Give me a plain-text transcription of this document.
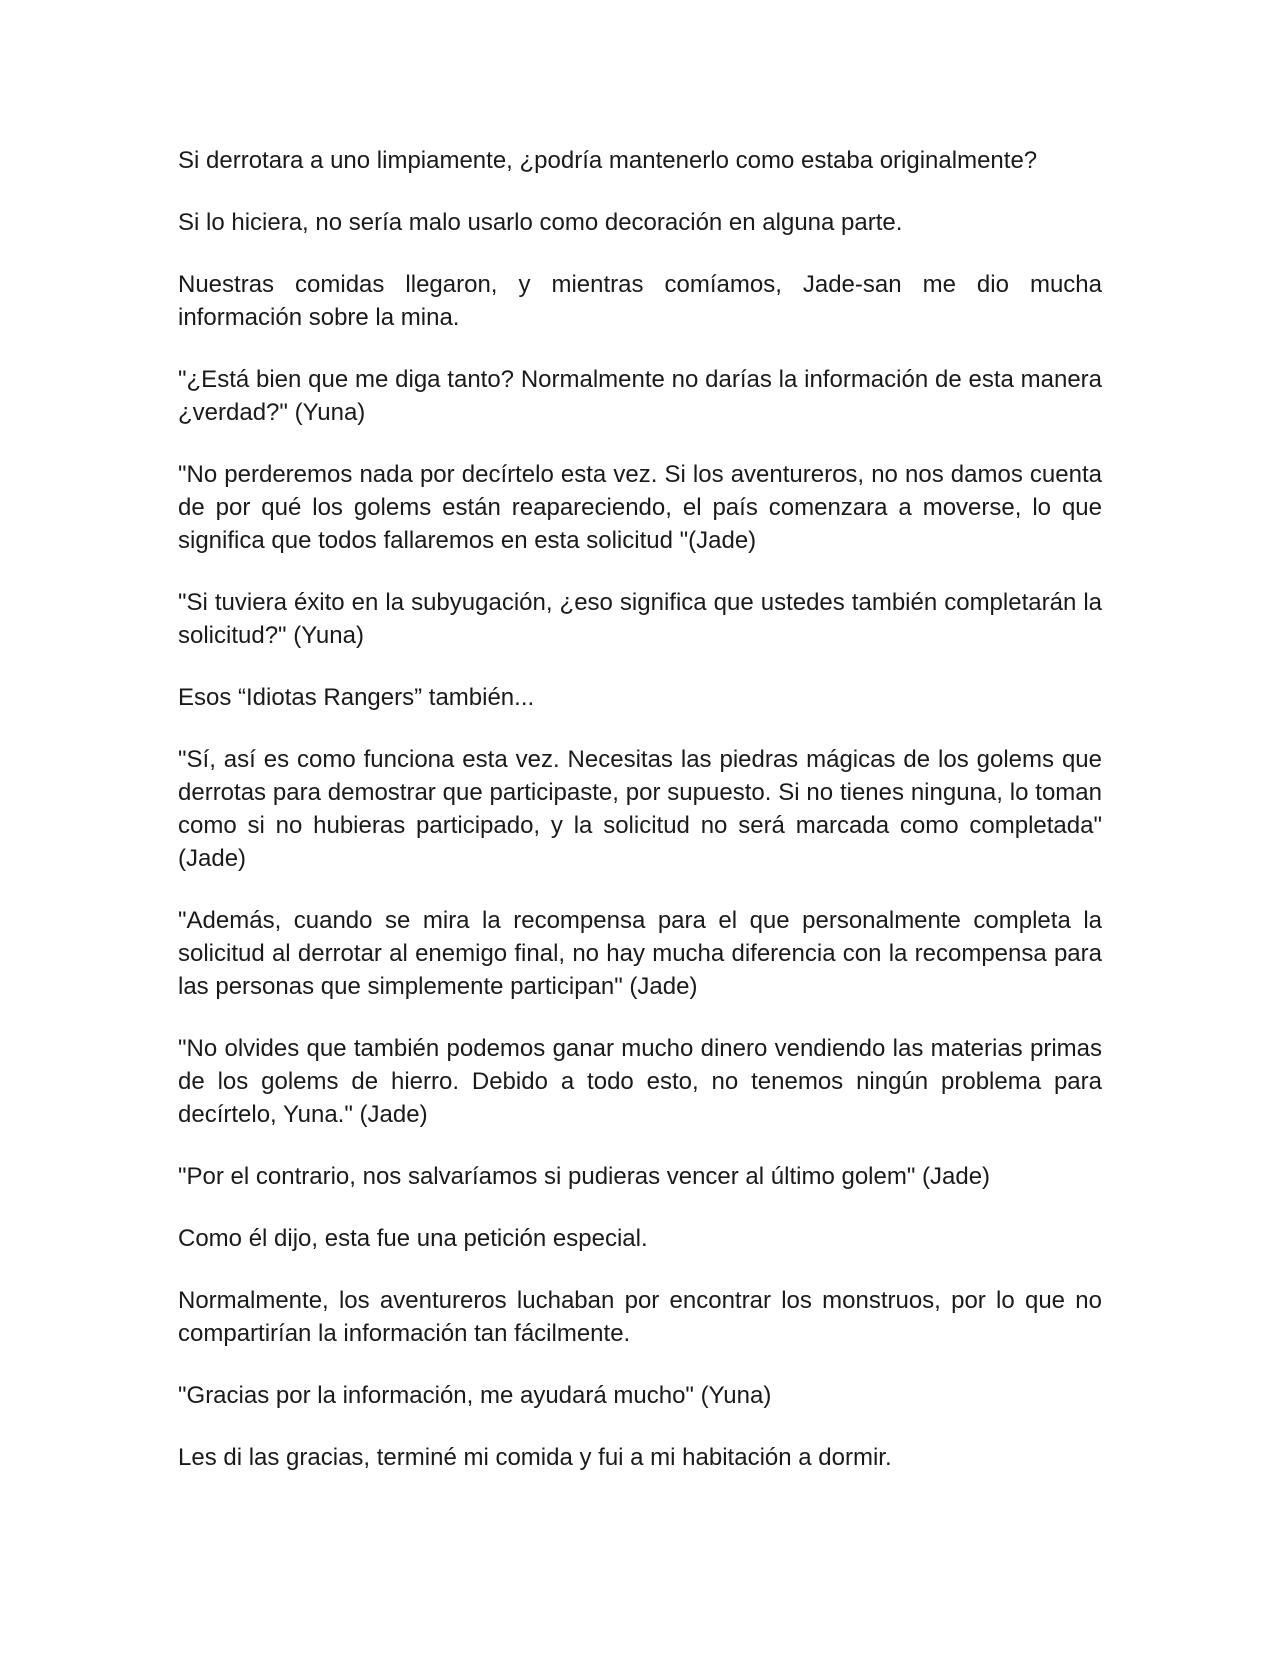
Si derrotara a uno limpiamente, ¿podría mantenerlo como estaba originalmente?

Si lo hiciera, no sería malo usarlo como decoración en alguna parte.

Nuestras comidas llegaron, y mientras comíamos, Jade-san me dio mucha información sobre la mina.

"¿Está bien que me diga tanto? Normalmente no darías la información de esta manera ¿verdad?" (Yuna)

"No perderemos nada por decírtelo esta vez. Si los aventureros, no nos damos cuenta de por qué los golems están reapareciendo, el país comenzara a moverse, lo que significa que todos fallaremos en esta solicitud "(Jade)

"Si tuviera éxito en la subyugación, ¿eso significa que ustedes también completarán la solicitud?" (Yuna)

Esos “Idiotas Rangers” también...

"Sí, así es como funciona esta vez. Necesitas las piedras mágicas de los golems que derrotas para demostrar que participaste, por supuesto. Si no tienes ninguna, lo toman como si no hubieras participado, y la solicitud no será marcada como completada" (Jade)

"Además, cuando se mira la recompensa para el que personalmente completa la solicitud al derrotar al enemigo final, no hay mucha diferencia con la recompensa para las personas que simplemente participan" (Jade)

"No olvides que también podemos ganar mucho dinero vendiendo las materias primas de los golems de hierro. Debido a todo esto, no tenemos ningún problema para decírtelo, Yuna." (Jade)

"Por el contrario, nos salvaríamos si pudieras vencer al último golem" (Jade)

Como él dijo, esta fue una petición especial.

Normalmente, los aventureros luchaban por encontrar los monstruos, por lo que no compartirían la información tan fácilmente.

"Gracias por la información, me ayudará mucho" (Yuna)

Les di las gracias, terminé mi comida y fui a mi habitación a dormir.
